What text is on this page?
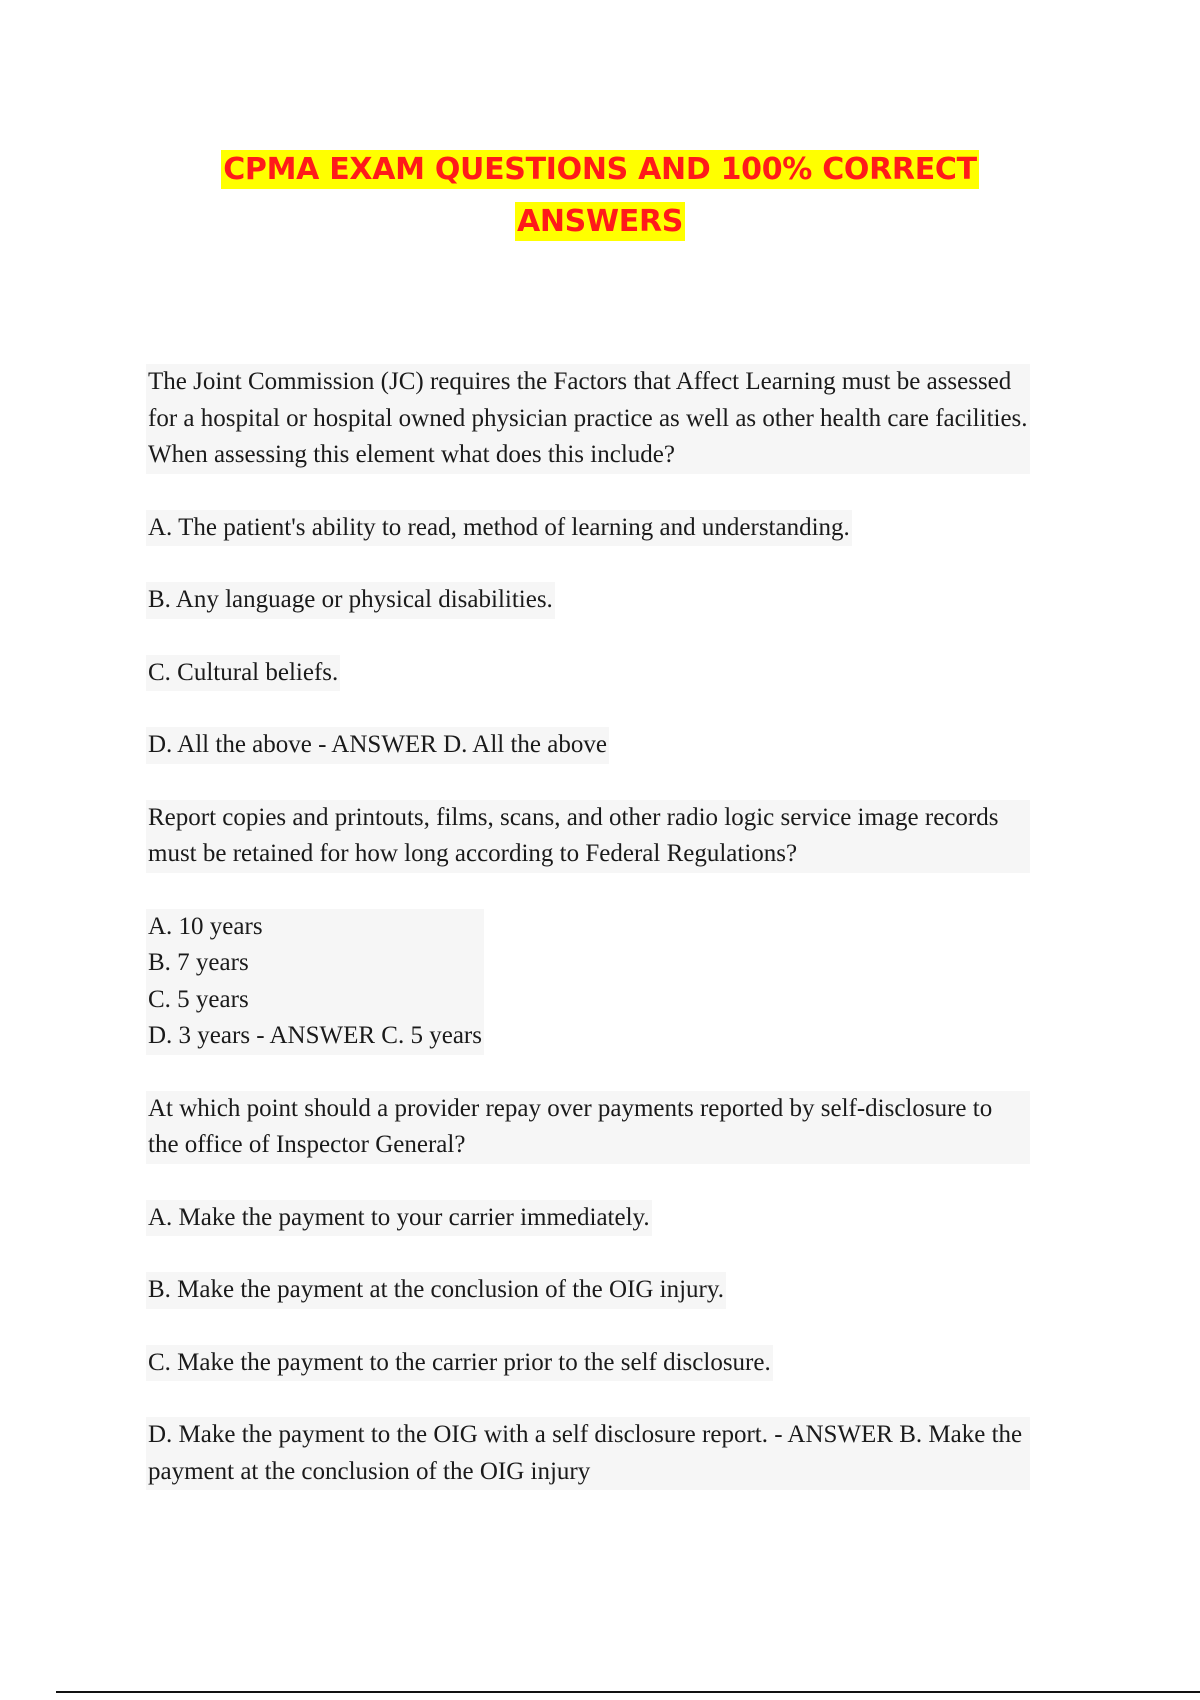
CPMA EXAM QUESTIONS AND 100% CORRECT
ANSWERS

The Joint Commission (JC) requires the Factors that Affect Learning must be assessed for a hospital or hospital owned physician practice as well as other health care facilities. When assessing this element what does this include?

A. The patient's ability to read, method of learning and understanding.

B. Any language or physical disabilities.

C. Cultural beliefs.

D. All the above - ANSWER D. All the above

Report copies and printouts, films, scans, and other radio logic service image records must be retained for how long according to Federal Regulations?

A. 10 years
B. 7 years
C. 5 years
D. 3 years - ANSWER C. 5 years

At which point should a provider repay over payments reported by self-disclosure to the office of Inspector General?

A. Make the payment to your carrier immediately.

B. Make the payment at the conclusion of the OIG injury.

C. Make the payment to the carrier prior to the self disclosure.

D. Make the payment to the OIG with a self disclosure report. - ANSWER B. Make the payment at the conclusion of the OIG injury
